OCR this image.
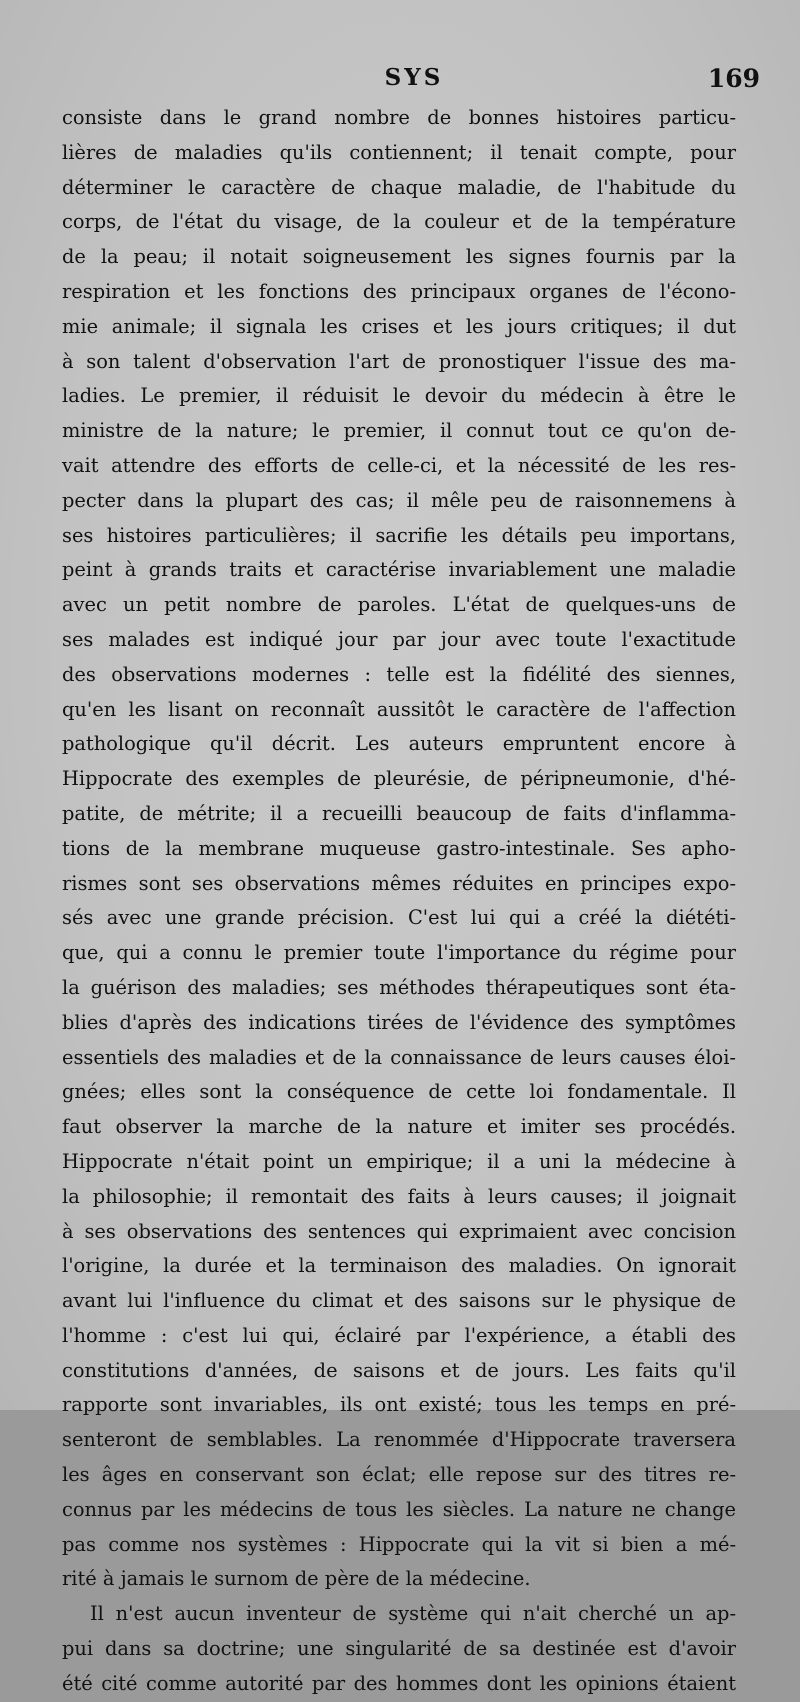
SYS	169
consiste dans le grand nombre de bonnes histoires particu-
lières de maladies qu'ils contiennent; il tenait compte, pour
déterminer le caractère de chaque maladie, de l'habitude du
corps, de l'état du visage, de la couleur et de la température
de la peau; il notait soigneusement les signes fournis par la
respiration et les fonctions des principaux organes de l'écono-
mie animale; il signala les crises et les jours critiques; il dut
à son talent d'observation l'art de pronostiquer l'issue des ma-
ladies. Le premier, il réduisit le devoir du médecin à être le
ministre de la nature; le premier, il connut tout ce qu'on de-
vait attendre des efforts de celle-ci, et la nécessité de les res-
pecter dans la plupart des cas; il mêle peu de raisonnemens à
ses histoires particulières; il sacrifie les détails peu importans,
peint à grands traits et caractérise invariablement une maladie
avec un petit nombre de paroles. L'état de quelques-uns de
ses malades est indiqué jour par jour avec toute l'exactitude
des observations modernes : telle est la fidélité des siennes,
qu'en les lisant on reconnaît aussitôt le caractère de l'affection
pathologique qu'il décrit. Les auteurs empruntent encore à
Hippocrate des exemples de pleurésie, de péripneumonie, d'hé-
patite, de métrite; il a recueilli beaucoup de faits d'inflamma-
tions de la membrane muqueuse gastro-intestinale. Ses apho-
rismes sont ses observations mêmes réduites en principes expo-
sés avec une grande précision. C'est lui qui a créé la diététi-
que, qui a connu le premier toute l'importance du régime pour
la guérison des maladies; ses méthodes thérapeutiques sont éta-
blies d'après des indications tirées de l'évidence des symptômes
essentiels des maladies et de la connaissance de leurs causes éloi-
gnées; elles sont la conséquence de cette loi fondamentale. Il
faut observer la marche de la nature et imiter ses procédés.
Hippocrate n'était point un empirique; il a uni la médecine à
la philosophie; il remontait des faits à leurs causes; il joignait
à ses observations des sentences qui exprimaient avec concision
l'origine, la durée et la terminaison des maladies. On ignorait
avant lui l'influence du climat et des saisons sur le physique de
l'homme : c'est lui qui, éclairé par l'expérience, a établi des
constitutions d'années, de saisons et de jours. Les faits qu'il
rapporte sont invariables, ils ont existé; tous les temps en pré-
senteront de semblables. La renommée d'Hippocrate traversera
les âges en conservant son éclat; elle repose sur des titres re-
connus par les médecins de tous les siècles. La nature ne change
pas comme nos systèmes : Hippocrate qui la vit si bien a mé-
rité à jamais le surnom de père de la médecine.
Il n'est aucun inventeur de système qui n'ait cherché un ap-
pui dans sa doctrine; une singularité de sa destinée est d'avoir
été cité comme autorité par des hommes dont les opinions étaient
